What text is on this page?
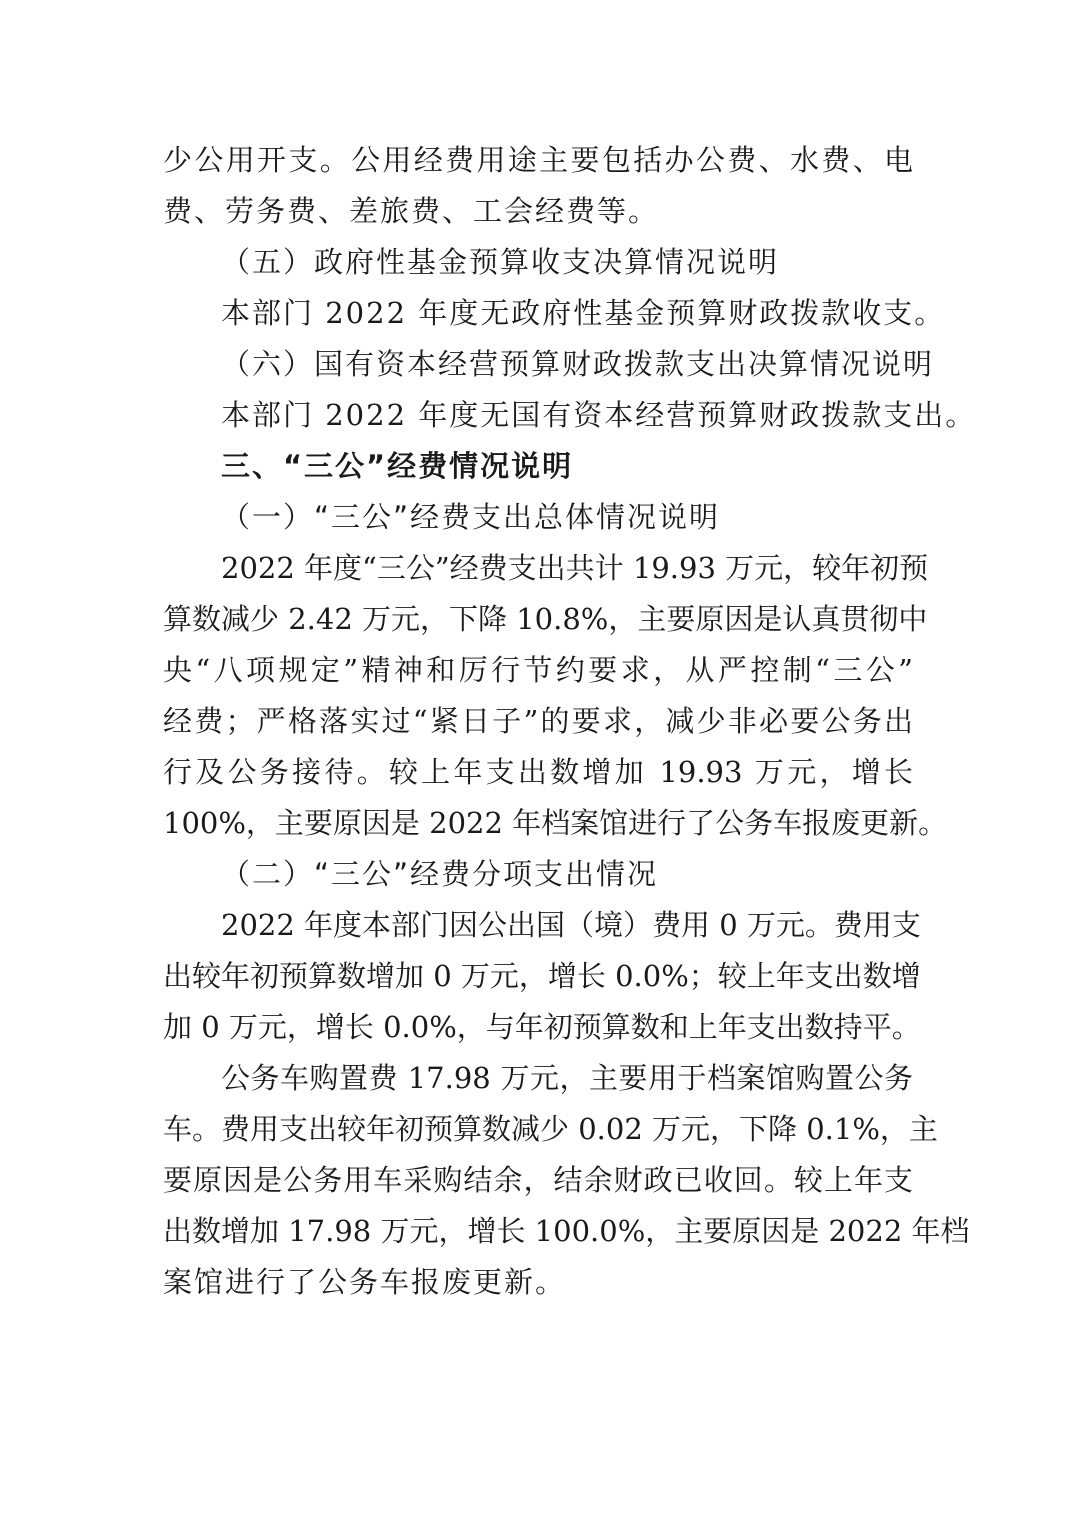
少公用开支。公用经费用途主要包括办公费、水费、电
费、劳务费、差旅费、工会经费等。
（五）政府性基金预算收支决算情况说明
本部门 2022 年度无政府性基金预算财政拨款收支。
（六）国有资本经营预算财政拨款支出决算情况说明
本部门 2022 年度无国有资本经营预算财政拨款支出。
三、“三公”经费情况说明
（一）“三公”经费支出总体情况说明
2022 年度“三公”经费支出共计 19.93 万元，较年初预
算数减少 2.42 万元，下降 10.8%，主要原因是认真贯彻中
央“八项规定”精神和厉行节约要求，从严控制“三公”
经费；严格落实过“紧日子”的要求，减少非必要公务出
行及公务接待。较上年支出数增加 19.93 万元，增长
100%，主要原因是 2022 年档案馆进行了公务车报废更新。
（二）“三公”经费分项支出情况
2022 年度本部门因公出国（境）费用 0 万元。费用支
出较年初预算数增加 0 万元，增长 0.0%；较上年支出数增
加 0 万元，增长 0.0%，与年初预算数和上年支出数持平。
公务车购置费 17.98 万元，主要用于档案馆购置公务
车。费用支出较年初预算数减少 0.02 万元，下降 0.1%，主
要原因是公务用车采购结余，结余财政已收回。较上年支
出数增加 17.98 万元，增长 100.0%，主要原因是 2022 年档
案馆进行了公务车报废更新。
